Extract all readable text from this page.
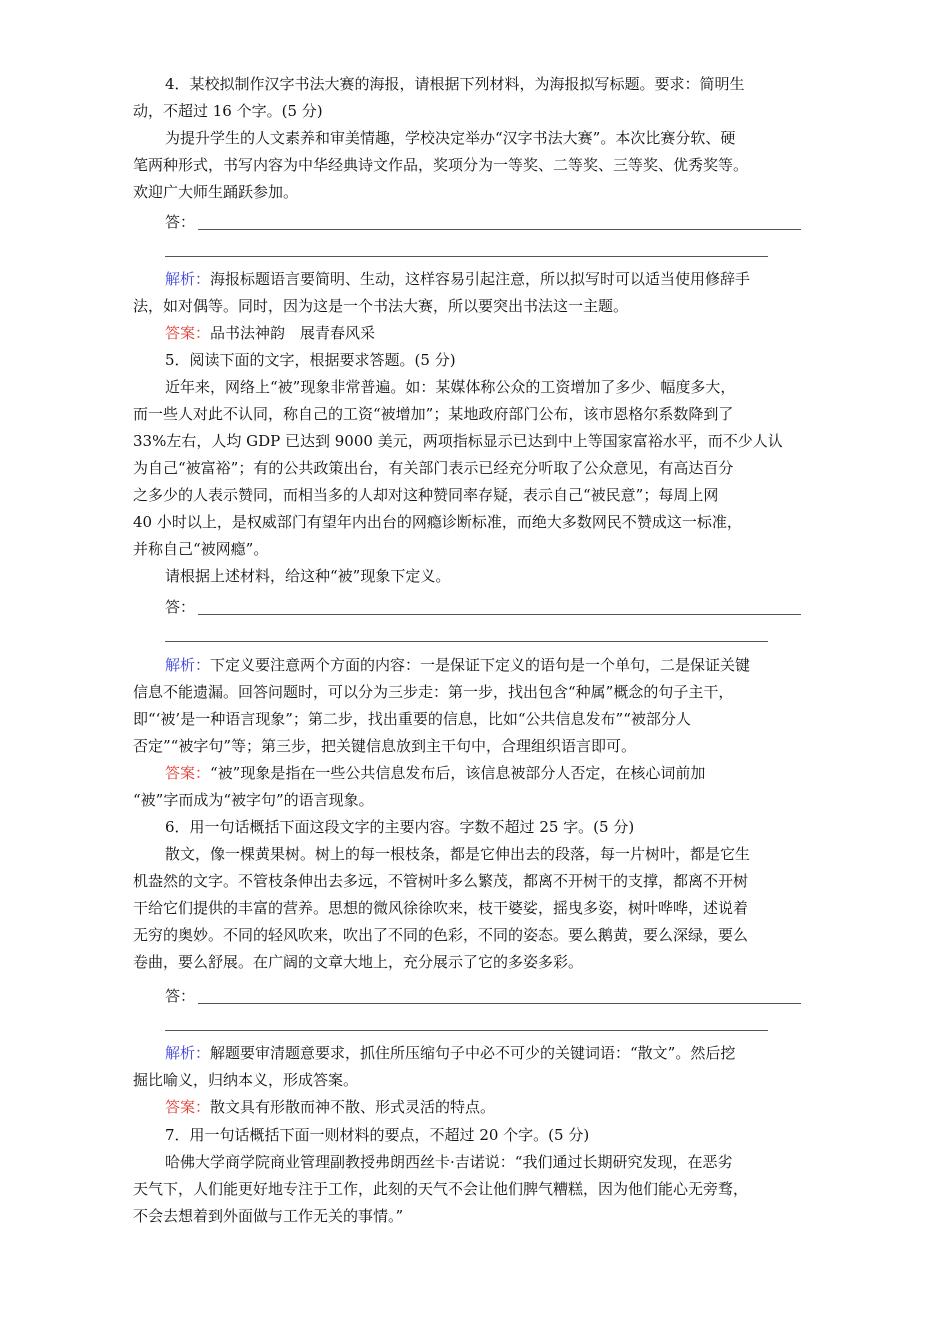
4．某校拟制作汉字书法大赛的海报，请根据下列材料，为海报拟写标题。要求：简明生
动，不超过 16 个字。(5 分)
为提升学生的人文素养和审美情趣，学校决定举办“汉字书法大赛”。本次比赛分软、硬
笔两种形式，书写内容为中华经典诗文作品，奖项分为一等奖、二等奖、三等奖、优秀奖等。
欢迎广大师生踊跃参加。
答：
解析：海报标题语言要简明、生动，这样容易引起注意，所以拟写时可以适当使用修辞手
法，如对偶等。同时，因为这是一个书法大赛，所以要突出书法这一主题。
答案：品书法神韵　展青春风采
5．阅读下面的文字，根据要求答题。(5 分)
近年来，网络上“被”现象非常普遍。如：某媒体称公众的工资增加了多少、幅度多大，
而一些人对此不认同，称自己的工资“被增加”；某地政府部门公布，该市恩格尔系数降到了
33%左右，人均 GDP 已达到 9000 美元，两项指标显示已达到中上等国家富裕水平，而不少人认
为自己“被富裕”；有的公共政策出台，有关部门表示已经充分听取了公众意见，有高达百分
之多少的人表示赞同，而相当多的人却对这种赞同率存疑，表示自己“被民意”；每周上网
40 小时以上，是权威部门有望年内出台的网瘾诊断标准，而绝大多数网民不赞成这一标准，
并称自己“被网瘾”。
请根据上述材料，给这种“被”现象下定义。
答：
解析：下定义要注意两个方面的内容：一是保证下定义的语句是一个单句，二是保证关键
信息不能遗漏。回答问题时，可以分为三步走：第一步，找出包含“种属”概念的句子主干，
即“‘被’是一种语言现象”；第二步，找出重要的信息，比如“公共信息发布”“被部分人
否定”“被字句”等；第三步，把关键信息放到主干句中，合理组织语言即可。
答案：“被”现象是指在一些公共信息发布后，该信息被部分人否定，在核心词前加
“被”字而成为“被字句”的语言现象。
6．用一句话概括下面这段文字的主要内容。字数不超过 25 字。(5 分)
散文，像一棵黄果树。树上的每一根枝条，都是它伸出去的段落，每一片树叶，都是它生
机盎然的文字。不管枝条伸出去多远，不管树叶多么繁茂，都离不开树干的支撑，都离不开树
干给它们提供的丰富的营养。思想的微风徐徐吹来，枝干婆娑，摇曳多姿，树叶哗哗，述说着
无穷的奥妙。不同的轻风吹来，吹出了不同的色彩，不同的姿态。要么鹅黄，要么深绿，要么
卷曲，要么舒展。在广阔的文章大地上，充分展示了它的多姿多彩。
答：
解析：解题要审清题意要求，抓住所压缩句子中必不可少的关键词语：“散文”。然后挖
掘比喻义，归纳本义，形成答案。
答案：散文具有形散而神不散、形式灵活的特点。
7．用一句话概括下面一则材料的要点，不超过 20 个字。(5 分)
哈佛大学商学院商业管理副教授弗朗西丝卡·吉诺说：“我们通过长期研究发现，在恶劣
天气下，人们能更好地专注于工作，此刻的天气不会让他们脾气糟糕，因为他们能心无旁骛，
不会去想着到外面做与工作无关的事情。”
